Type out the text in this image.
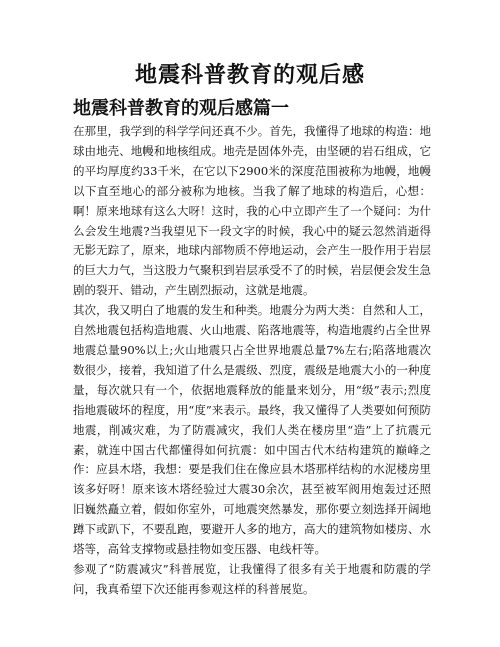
地震科普教育的观后感
地震科普教育的观后感篇一

在那里，我学到的科学学问还真不少。首先，我懂得了地球的构造：地球由地壳、地幔和地核组成。地壳是固体外壳，由坚硬的岩石组成，它的平均厚度约33千米，在它以下2900米的深度范围被称为地幔，地幔以下直至地心的部分被称为地核。当我了解了地球的构造后，心想：啊！原来地球有这么大呀！这时，我的心中立即产生了一个疑问：为什么会发生地震?当我望见下一段文字的时候，我心中的疑云忽然消逝得无影无踪了，原来，地球内部物质不停地运动，会产生一股作用于岩层的巨大力气，当这股力气聚积到岩层承受不了的时候，岩层便会发生急剧的裂开、错动，产生剧烈振动，这就是地震。

其次，我又明白了地震的发生和种类。地震分为两大类：自然和人工，自然地震包括构造地震、火山地震、陷落地震等，构造地震约占全世界地震总量90%以上;火山地震只占全世界地震总量7%左右;陷落地震次数很少，接着，我知道了什么是震级、烈度，震级是地震大小的一种度量，每次就只有一个，依据地震释放的能量来划分，用“级”表示;烈度指地震破坏的程度，用“度”来表示。最终，我又懂得了人类要如何预防地震，削减灾难，为了防震减灾，我们人类在楼房里“造”上了抗震元素，就连中国古代都懂得如何抗震：如中国古代木结构建筑的巅峰之作：应县木塔，我想：要是我们住在像应县木塔那样结构的水泥楼房里该多好呀！原来该木塔经验过大震30余次，甚至被军阀用炮轰过还照旧巍然矗立着，假如你室外，可地震突然暴发，那你要立刻选择开阔地蹲下或趴下，不要乱跑，要避开人多的地方，高大的建筑物如楼房、水塔等，高耸支撑物或悬挂物如变压器、电线杆等。

参观了“防震减灾”科普展览，让我懂得了很多有关于地震和防震的学问，我真希望下次还能再参观这样的科普展览。
